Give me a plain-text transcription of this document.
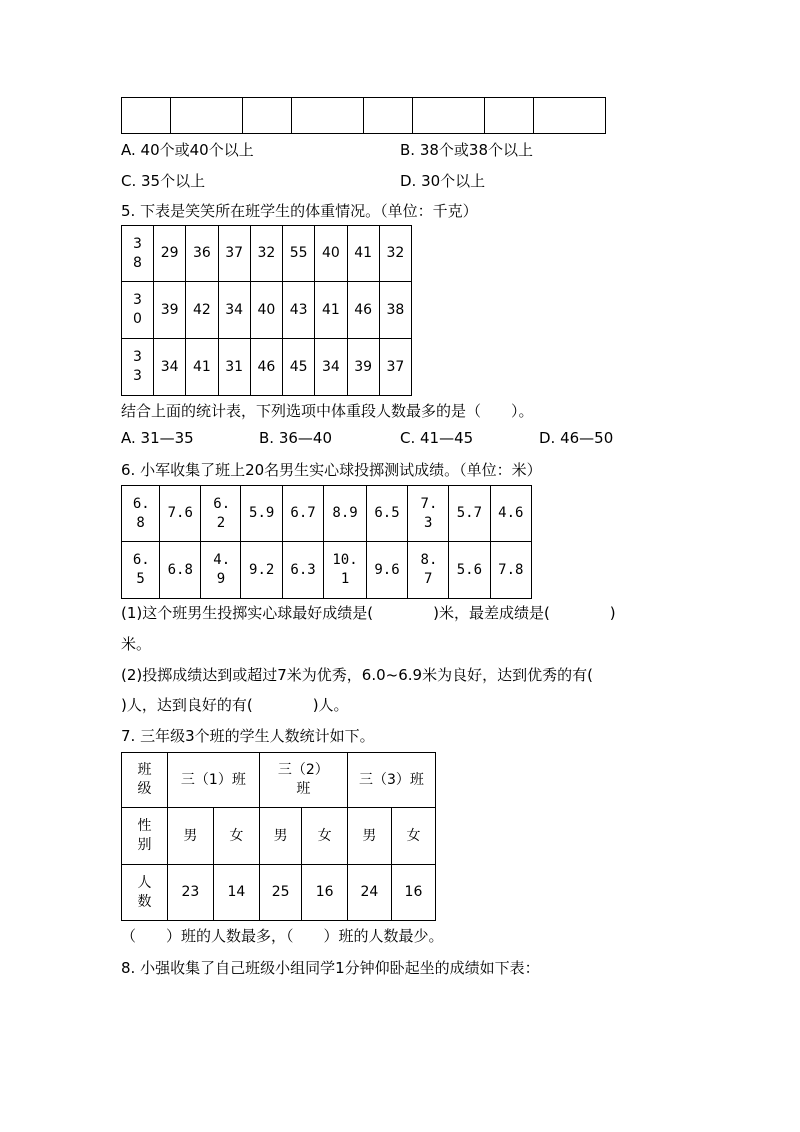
A. 40个或40个以上	B. 38个或38个以上
C. 35个以上	D. 30个以上
5. 下表是笑笑所在班学生的体重情况。（单位：千克）
38	29	36	37	32	55	40	41	32
30	39	42	34	40	43	41	46	38
33	34	41	31	46	45	34	39	37
结合上面的统计表，下列选项中体重段人数最多的是（　　）。
A. 31—35	B. 36—40	C. 41—45	D. 46—50
6. 小军收集了班上20名男生实心球投掷测试成绩。（单位：米）
6.8	7.6	6.2	5.9	6.7	8.9	6.5	7.3	5.7	4.6
6.5	6.8	4.9	9.2	6.3	10.1	9.6	8.7	5.6	7.8
(1)这个班男生投掷实心球最好成绩是(　　　　)米，最差成绩是(　　　　)
米。
(2)投掷成绩达到或超过7米为优秀，6.0~6.9米为良好，达到优秀的有(
)人，达到良好的有(　　　　)人。
7. 三年级3个班的学生人数统计如下。
班级	三（1）班		三（2）班		三（3）班	
性别	男	女	男	女	男	女
人数	23	14	25	16	24	16
（　　）班的人数最多，（　　）班的人数最少。
8. 小强收集了自己班级小组同学1分钟仰卧起坐的成绩如下表：
